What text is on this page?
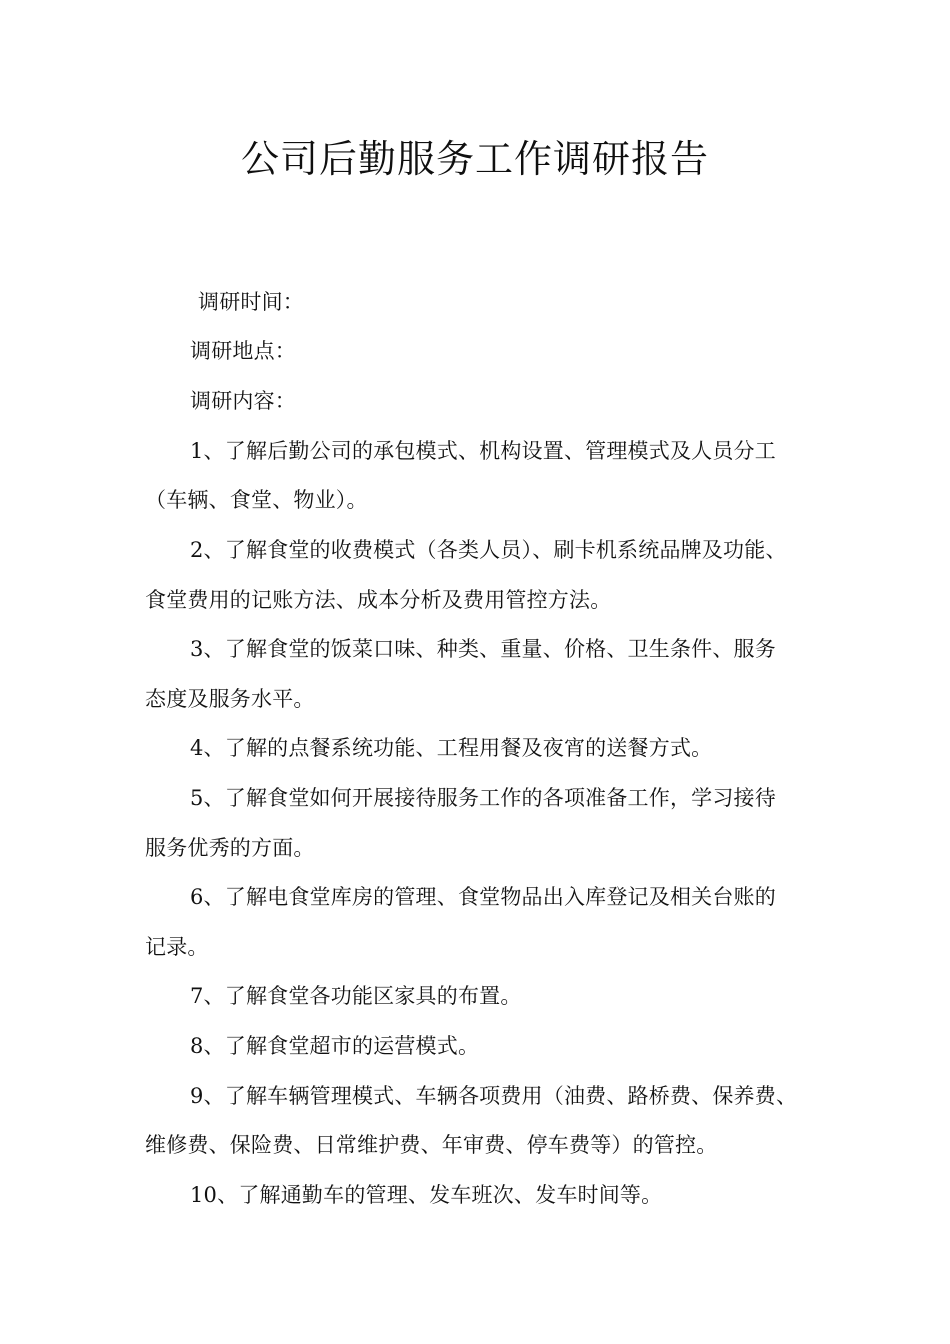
公司后勤服务工作调研报告
调研时间：
调研地点：
调研内容：
1、了解后勤公司的承包模式、机构设置、管理模式及人员分工
（车辆、食堂、物业）。
2、了解食堂的收费模式（各类人员）、刷卡机系统品牌及功能、
食堂费用的记账方法、成本分析及费用管控方法。
3、了解食堂的饭菜口味、种类、重量、价格、卫生条件、服务
态度及服务水平。
4、了解的点餐系统功能、工程用餐及夜宵的送餐方式。
5、了解食堂如何开展接待服务工作的各项准备工作，学习接待
服务优秀的方面。
6、了解电食堂库房的管理、食堂物品出入库登记及相关台账的
记录。
7、了解食堂各功能区家具的布置。
8、了解食堂超市的运营模式。
9、了解车辆管理模式、车辆各项费用（油费、路桥费、保养费、
维修费、保险费、日常维护费、年审费、停车费等）的管控。
10、了解通勤车的管理、发车班次、发车时间等。
